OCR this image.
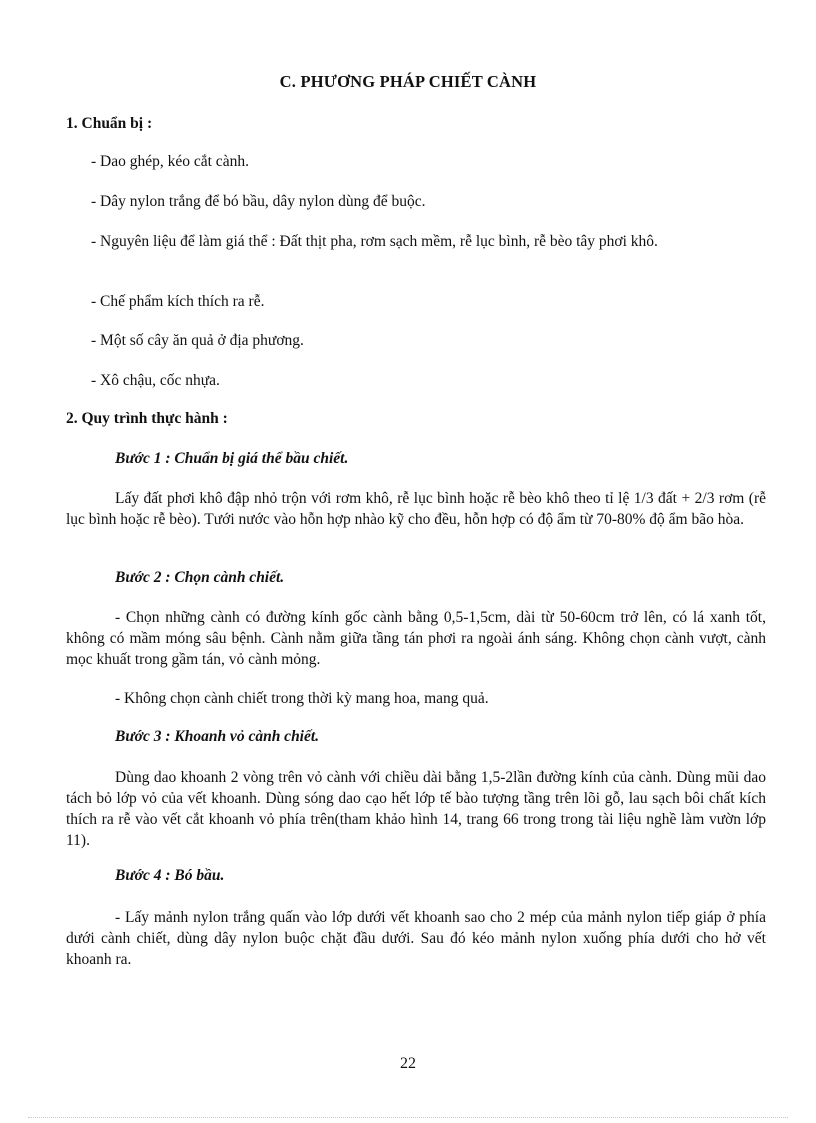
C. PHƯƠNG PHÁP CHIẾT CÀNH
1. Chuẩn bị :
- Dao ghép, kéo cắt cành.
- Dây nylon trắng để bó bầu, dây nylon dùng để buộc.
- Nguyên liệu để làm giá thể : Đất thịt pha, rơm sạch mềm, rễ lục bình, rễ bèo tây phơi khô.
- Chế phẩm kích thích ra rễ.
- Một số cây ăn quả ở địa phương.
- Xô chậu, cốc nhựa.
2. Quy trình thực hành :
Bước 1 : Chuẩn bị giá thể bầu chiết.
Lấy đất phơi khô đập nhỏ trộn với rơm khô, rễ lục bình hoặc rễ bèo khô theo tỉ lệ 1/3 đất + 2/3 rơm (rễ lục bình hoặc rễ bèo). Tưới nước vào hỗn hợp nhào kỹ cho đều, hỗn hợp có độ ẩm từ 70-80% độ ẩm bão hòa.
Bước 2 : Chọn cành chiết.
- Chọn những cành có đường kính gốc cành bằng 0,5-1,5cm, dài từ 50-60cm trở lên, có lá xanh tốt, không có mầm móng sâu bệnh. Cành nằm giữa tầng tán phơi ra ngoài ánh sáng. Không chọn cành vượt, cành mọc khuất trong gầm tán, vỏ cành mỏng.
- Không chọn cành chiết trong thời kỳ mang hoa, mang quả.
Bước 3 : Khoanh vỏ cành chiết.
Dùng dao khoanh 2 vòng trên vỏ cành với chiều dài bằng 1,5-2lần đường kính của cành. Dùng mũi dao tách bỏ lớp vỏ của vết khoanh. Dùng sóng dao cạo hết lớp tế bào tượng tầng trên lõi gỗ, lau sạch bôi chất kích thích ra rễ vào vết cắt khoanh vỏ phía trên(tham khảo hình 14, trang 66 trong trong tài liệu nghề làm vườn lớp 11).
Bước 4 : Bó bầu.
- Lấy mảnh nylon trắng quấn vào lớp dưới vết khoanh sao cho 2 mép của mảnh nylon tiếp giáp ở phía dưới cành chiết, dùng dây nylon buộc chặt đầu dưới. Sau đó kéo mảnh nylon xuống phía dưới cho hở vết khoanh ra.
22
